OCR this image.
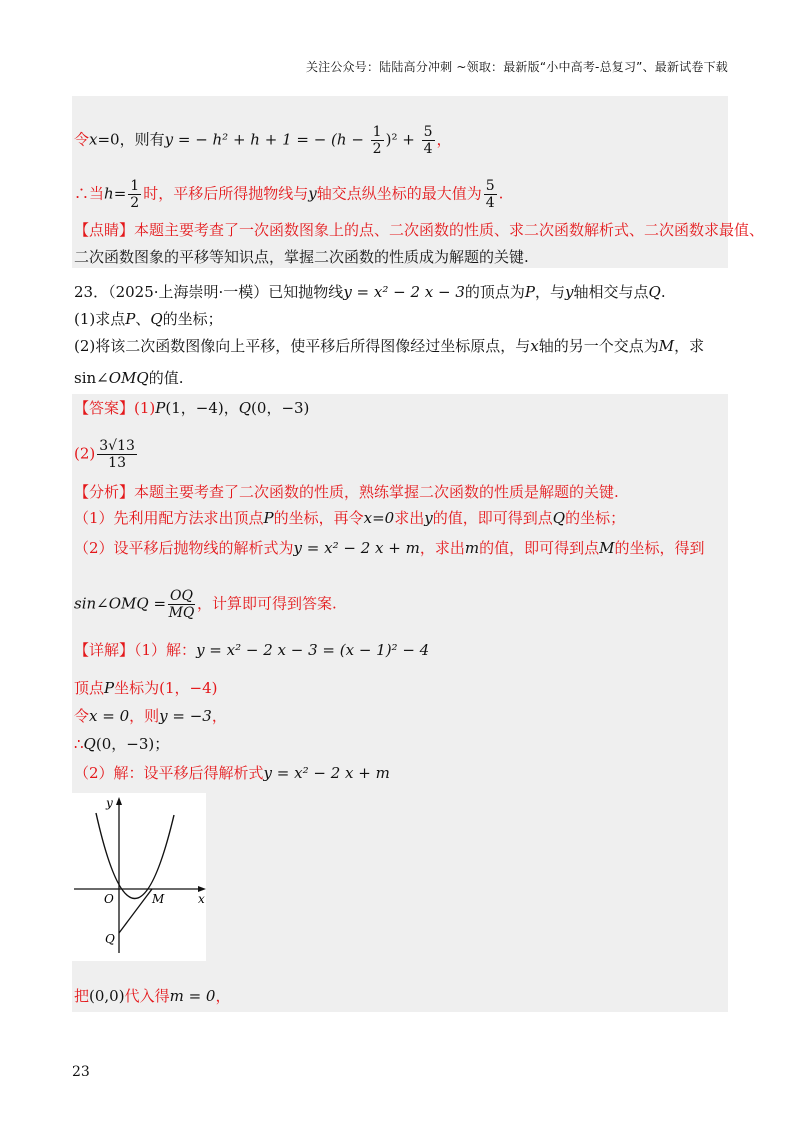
关注公众号：陆陆高分冲刺 ~领取：最新版“小中高考-总复习”、最新试卷下载
令x=0，则有y = − h² + h + 1 = − $(h - \frac{1}{2} )^2 + \frac{5}{4}$ ，
∴当$h= \frac{1}{2}$ 时，平移后所得抛物线与y轴交点纵坐标的最大值为 $\frac{5}{4}$ .
【点睛】本题主要考查了一次函数图象上的点、二次函数的性质、求二次函数解析式、二次函数求最值、
二次函数图象的平移等知识点，掌握二次函数的性质成为解题的关键.
23．（2025·上海崇明·一模）已知抛物线y = x² − 2 x − 3的顶点为P，与y轴相交与点Q.
(1)求点P、Q的坐标；
(2)将该二次函数图像向上平移，使平移后所得图像经过坐标原点，与x轴的另一个交点为M，求
sin∠OMQ的值.
【答案】(1)P(1，−4)，Q(0，−3)
$(2) \frac{3√13}{13}$
【分析】本题主要考查了二次函数的性质，熟练掌握二次函数的性质是解题的关键.
（1）先利用配方法求出顶点P的坐标，再令x=0求出y的值，即可得到点Q的坐标；
（2）设平移后抛物线的解析式为y = x² − 2 x + m，求出m的值，即可得到点M的坐标，得到
sin∠OMQ = $\frac{OQ}{MQ}$ ，计算即可得到答案.
【详解】（1）解：y = x² − 2 x − 3 = (x − 1)² − 4
顶点P坐标为(1，−4)
令x = 0，则y = −3，
∴Q(0，−3)；
（2）解：设平移后得解析式y = x² − 2 x + m
x
y
O	M
Q
把(0,0)代入得m = 0，
23
